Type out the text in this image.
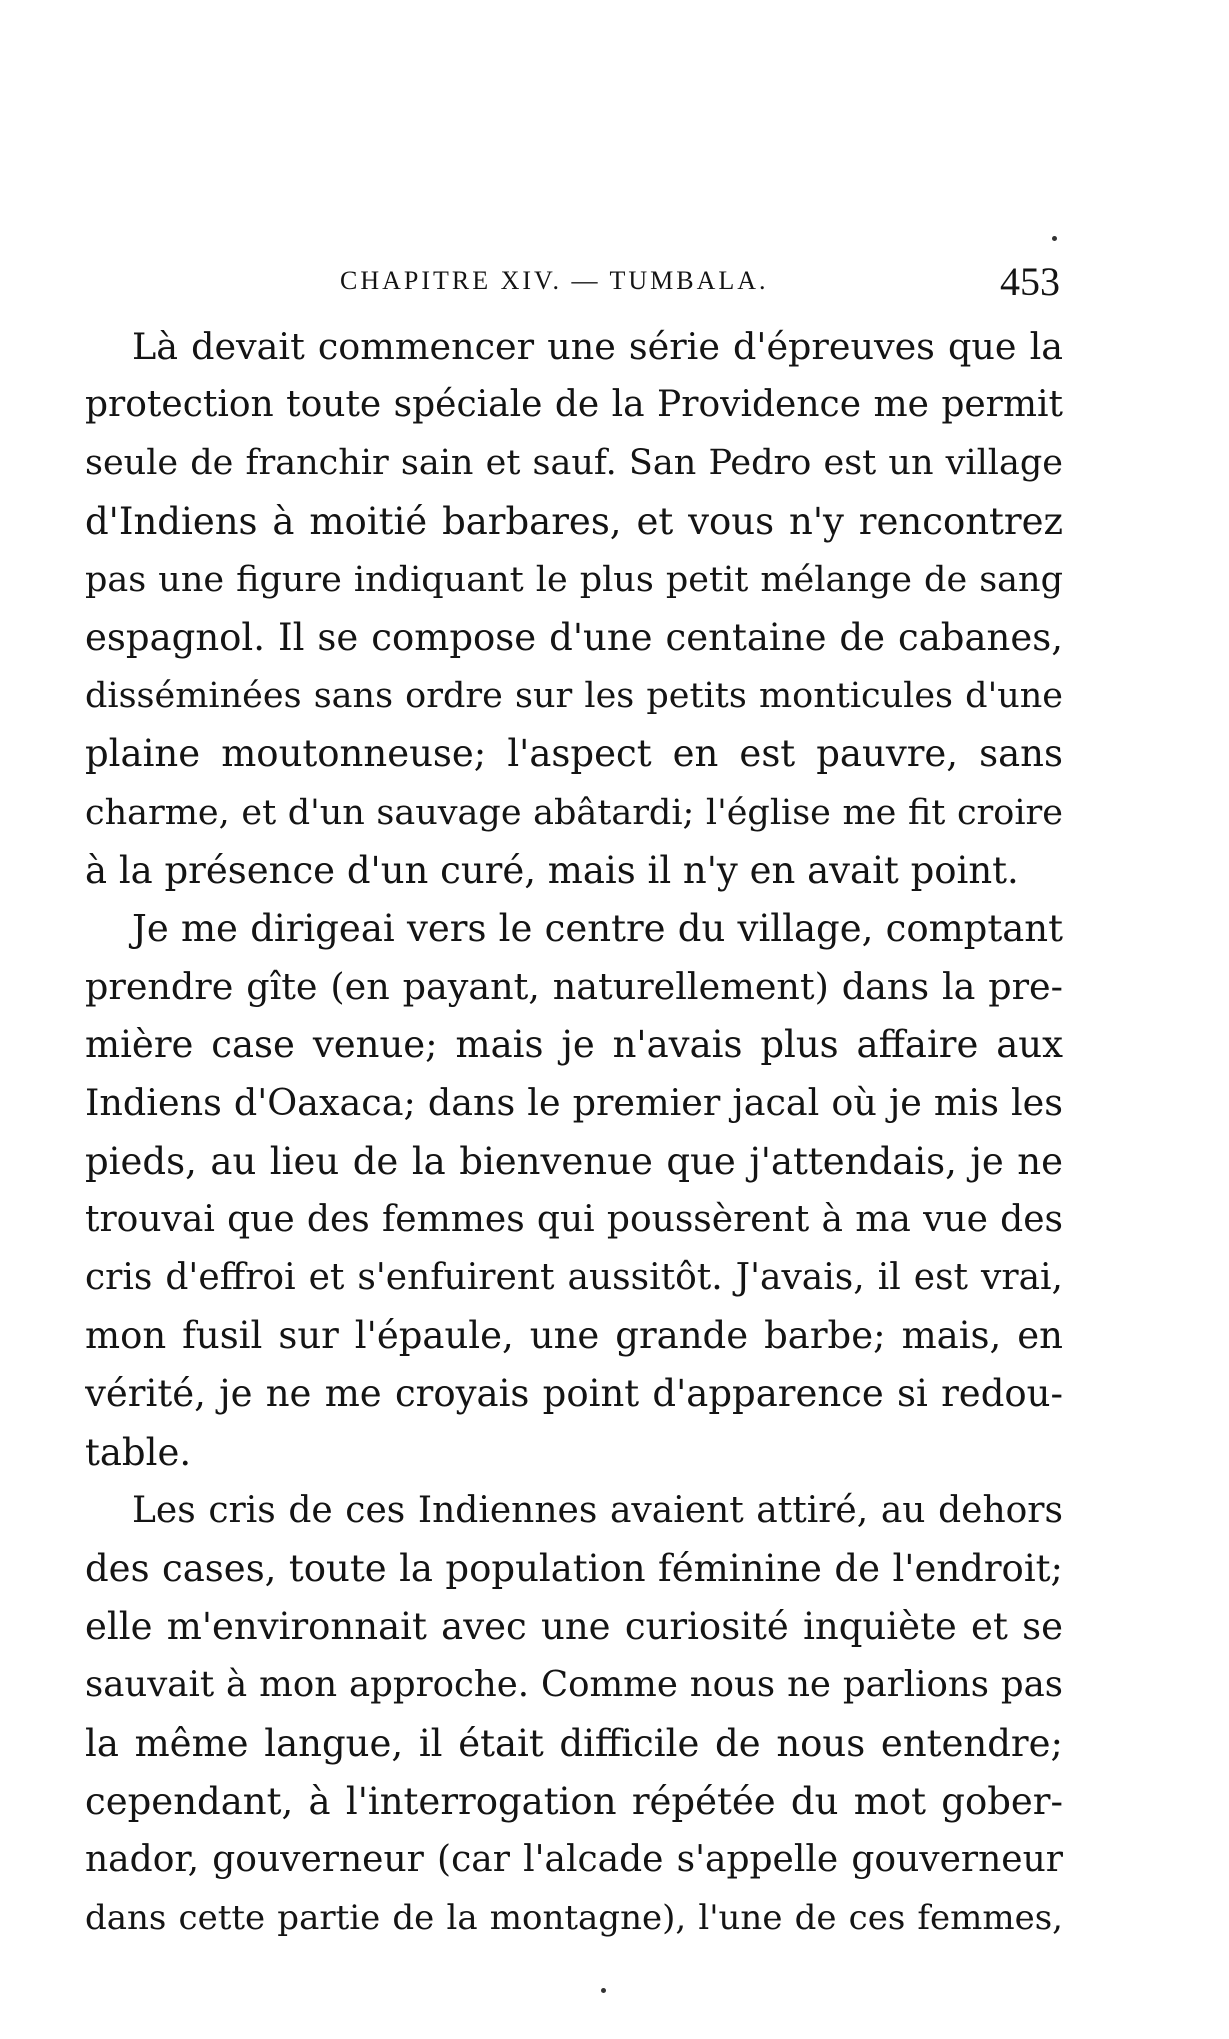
CHAPITRE XIV. — TUMBALA.	453
Là devait commencer une série d'épreuves que la
protection toute spéciale de la Providence me permit
seule de franchir sain et sauf. San Pedro est un village
d'Indiens à moitié barbares, et vous n'y rencontrez
pas une figure indiquant le plus petit mélange de sang
espagnol. Il se compose d'une centaine de cabanes,
disséminées sans ordre sur les petits monticules d'une
plaine moutonneuse; l'aspect en est pauvre, sans
charme, et d'un sauvage abâtardi; l'église me fit croire
à la présence d'un curé, mais il n'y en avait point.
Je me dirigeai vers le centre du village, comptant
prendre gîte (en payant, naturellement) dans la pre-
mière case venue; mais je n'avais plus affaire aux
Indiens d'Oaxaca; dans le premier jacal où je mis les
pieds, au lieu de la bienvenue que j'attendais, je ne
trouvai que des femmes qui poussèrent à ma vue des
cris d'effroi et s'enfuirent aussitôt. J'avais, il est vrai,
mon fusil sur l'épaule, une grande barbe; mais, en
vérité, je ne me croyais point d'apparence si redou-
table.
Les cris de ces Indiennes avaient attiré, au dehors
des cases, toute la population féminine de l'endroit;
elle m'environnait avec une curiosité inquiète et se
sauvait à mon approche. Comme nous ne parlions pas
la même langue, il était difficile de nous entendre;
cependant, à l'interrogation répétée du mot gober-
nador, gouverneur (car l'alcade s'appelle gouverneur
dans cette partie de la montagne), l'une de ces femmes,
